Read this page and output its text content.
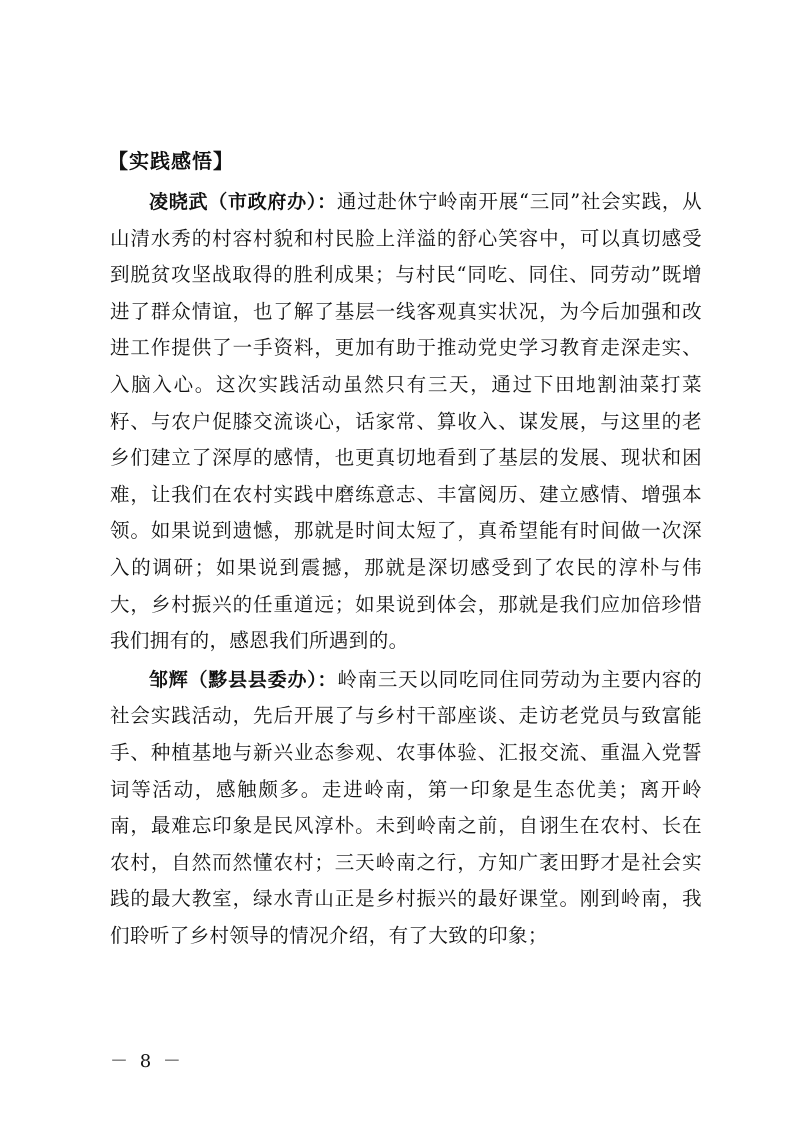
【实践感悟】

凌晓武（市政府办）：通过赴休宁岭南开展“三同”社会实践，从山清水秀的村容村貌和村民脸上洋溢的舒心笑容中，可以真切感受到脱贫攻坚战取得的胜利成果；与村民“同吃、同住、同劳动”既增进了群众情谊，也了解了基层一线客观真实状况，为今后加强和改进工作提供了一手资料，更加有助于推动党史学习教育走深走实、入脑入心。这次实践活动虽然只有三天，通过下田地割油菜打菜籽、与农户促膝交流谈心，话家常、算收入、谋发展，与这里的老乡们建立了深厚的感情，也更真切地看到了基层的发展、现状和困难，让我们在农村实践中磨练意志、丰富阅历、建立感情、增强本领。如果说到遗憾，那就是时间太短了，真希望能有时间做一次深入的调研；如果说到震撼，那就是深切感受到了农民的淳朴与伟大，乡村振兴的任重道远；如果说到体会，那就是我们应加倍珍惜我们拥有的，感恩我们所遇到的。

邹辉（黟县县委办）：岭南三天以同吃同住同劳动为主要内容的社会实践活动，先后开展了与乡村干部座谈、走访老党员与致富能手、种植基地与新兴业态参观、农事体验、汇报交流、重温入党誓词等活动，感触颇多。走进岭南，第一印象是生态优美；离开岭南，最难忘印象是民风淳朴。未到岭南之前，自诩生在农村、长在农村，自然而然懂农村；三天岭南之行，方知广袤田野才是社会实践的最大教室，绿水青山正是乡村振兴的最好课堂。刚到岭南，我们聆听了乡村领导的情况介绍，有了大致的印象；

－ 8 －
